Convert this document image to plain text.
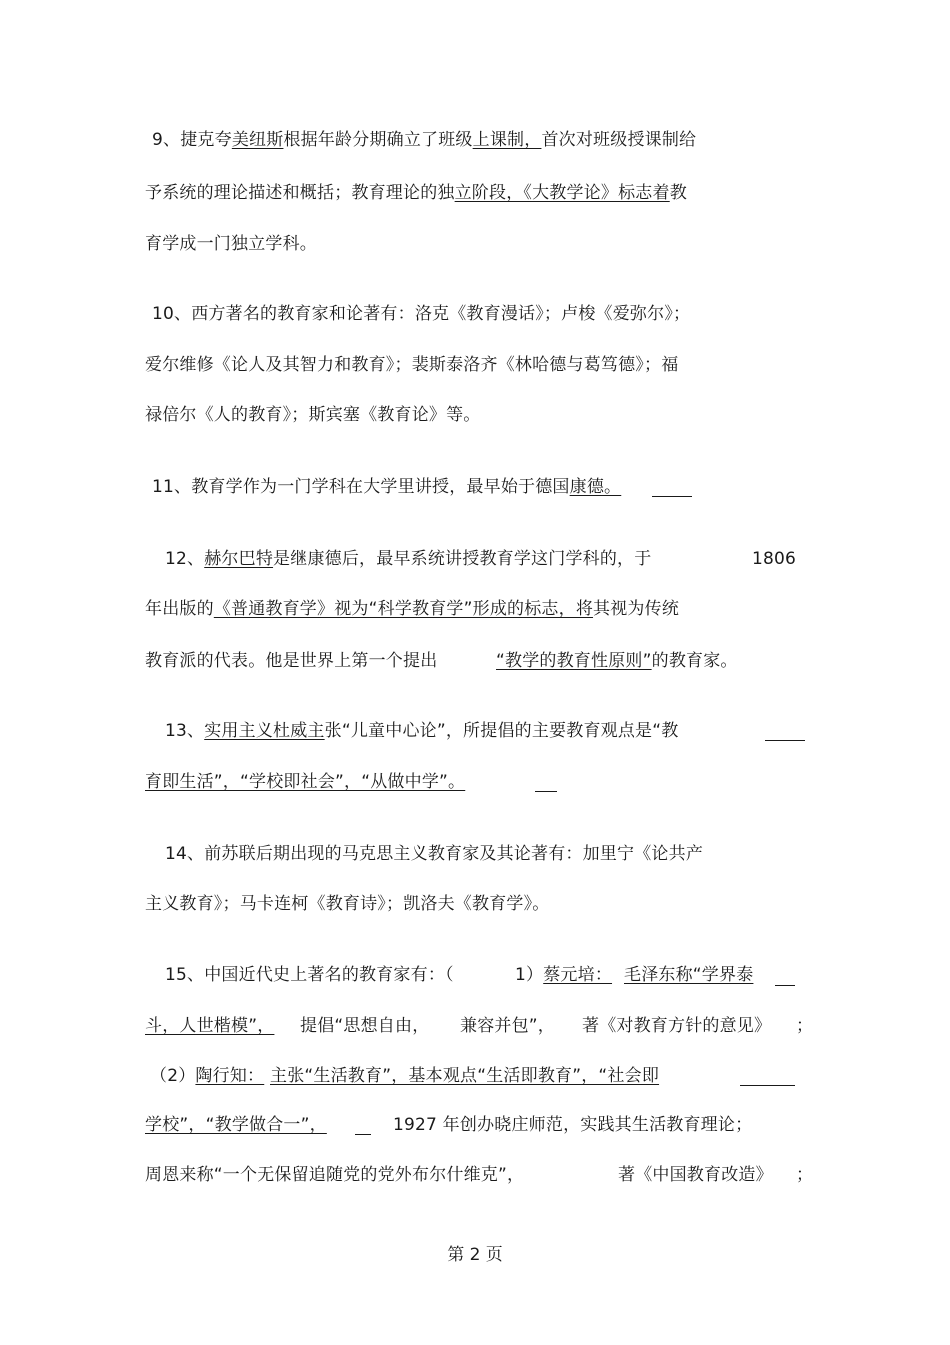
9、捷克夸美纽斯根据年龄分期确立了班级上课制，首次对班级授课制给
予系统的理论描述和概括；教育理论的独立阶段，《大教学论》标志着教
育学成一门独立学科。
10、西方著名的教育家和论著有：洛克《教育漫话》；卢梭《爱弥尔》；
爱尔维修《论人及其智力和教育》；裴斯泰洛齐《林哈德与葛笃德》；福
禄倍尔《人的教育》；斯宾塞《教育论》等。
11、教育学作为一门学科在大学里讲授，最早始于德国康德。
12、赫尔巴特是继康德后，最早系统讲授教育学这门学科的，于	1806
年出版的《普通教育学》视为“科学教育学”形成的标志，将其视为传统
教育派的代表。他是世界上第一个提出	“教学的教育性原则”的教育家。
13、实用主义杜威主张“儿童中心论”，所提倡的主要教育观点是“教
育即生活”，“学校即社会”，“从做中学”。
14、前苏联后期出现的马克思主义教育家及其论著有：加里宁《论共产
主义教育》；马卡连柯《教育诗》；凯洛夫《教育学》。
15、中国近代史上著名的教育家有：（	1）蔡元培： 毛泽东称“学界泰
斗，人世楷模”， 提倡“思想自由， 兼容并包”， 著《对教育方针的意见》 ；
（2）陶行知： 主张“生活教育”，基本观点“生活即教育”，“社会即
学校”，“教学做合一”，	1927 年创办晓庄师范，实践其生活教育理论；
周恩来称“一个无保留追随党的党外布尔什维克”，	著《中国教育改造》 ；
第 2 页
